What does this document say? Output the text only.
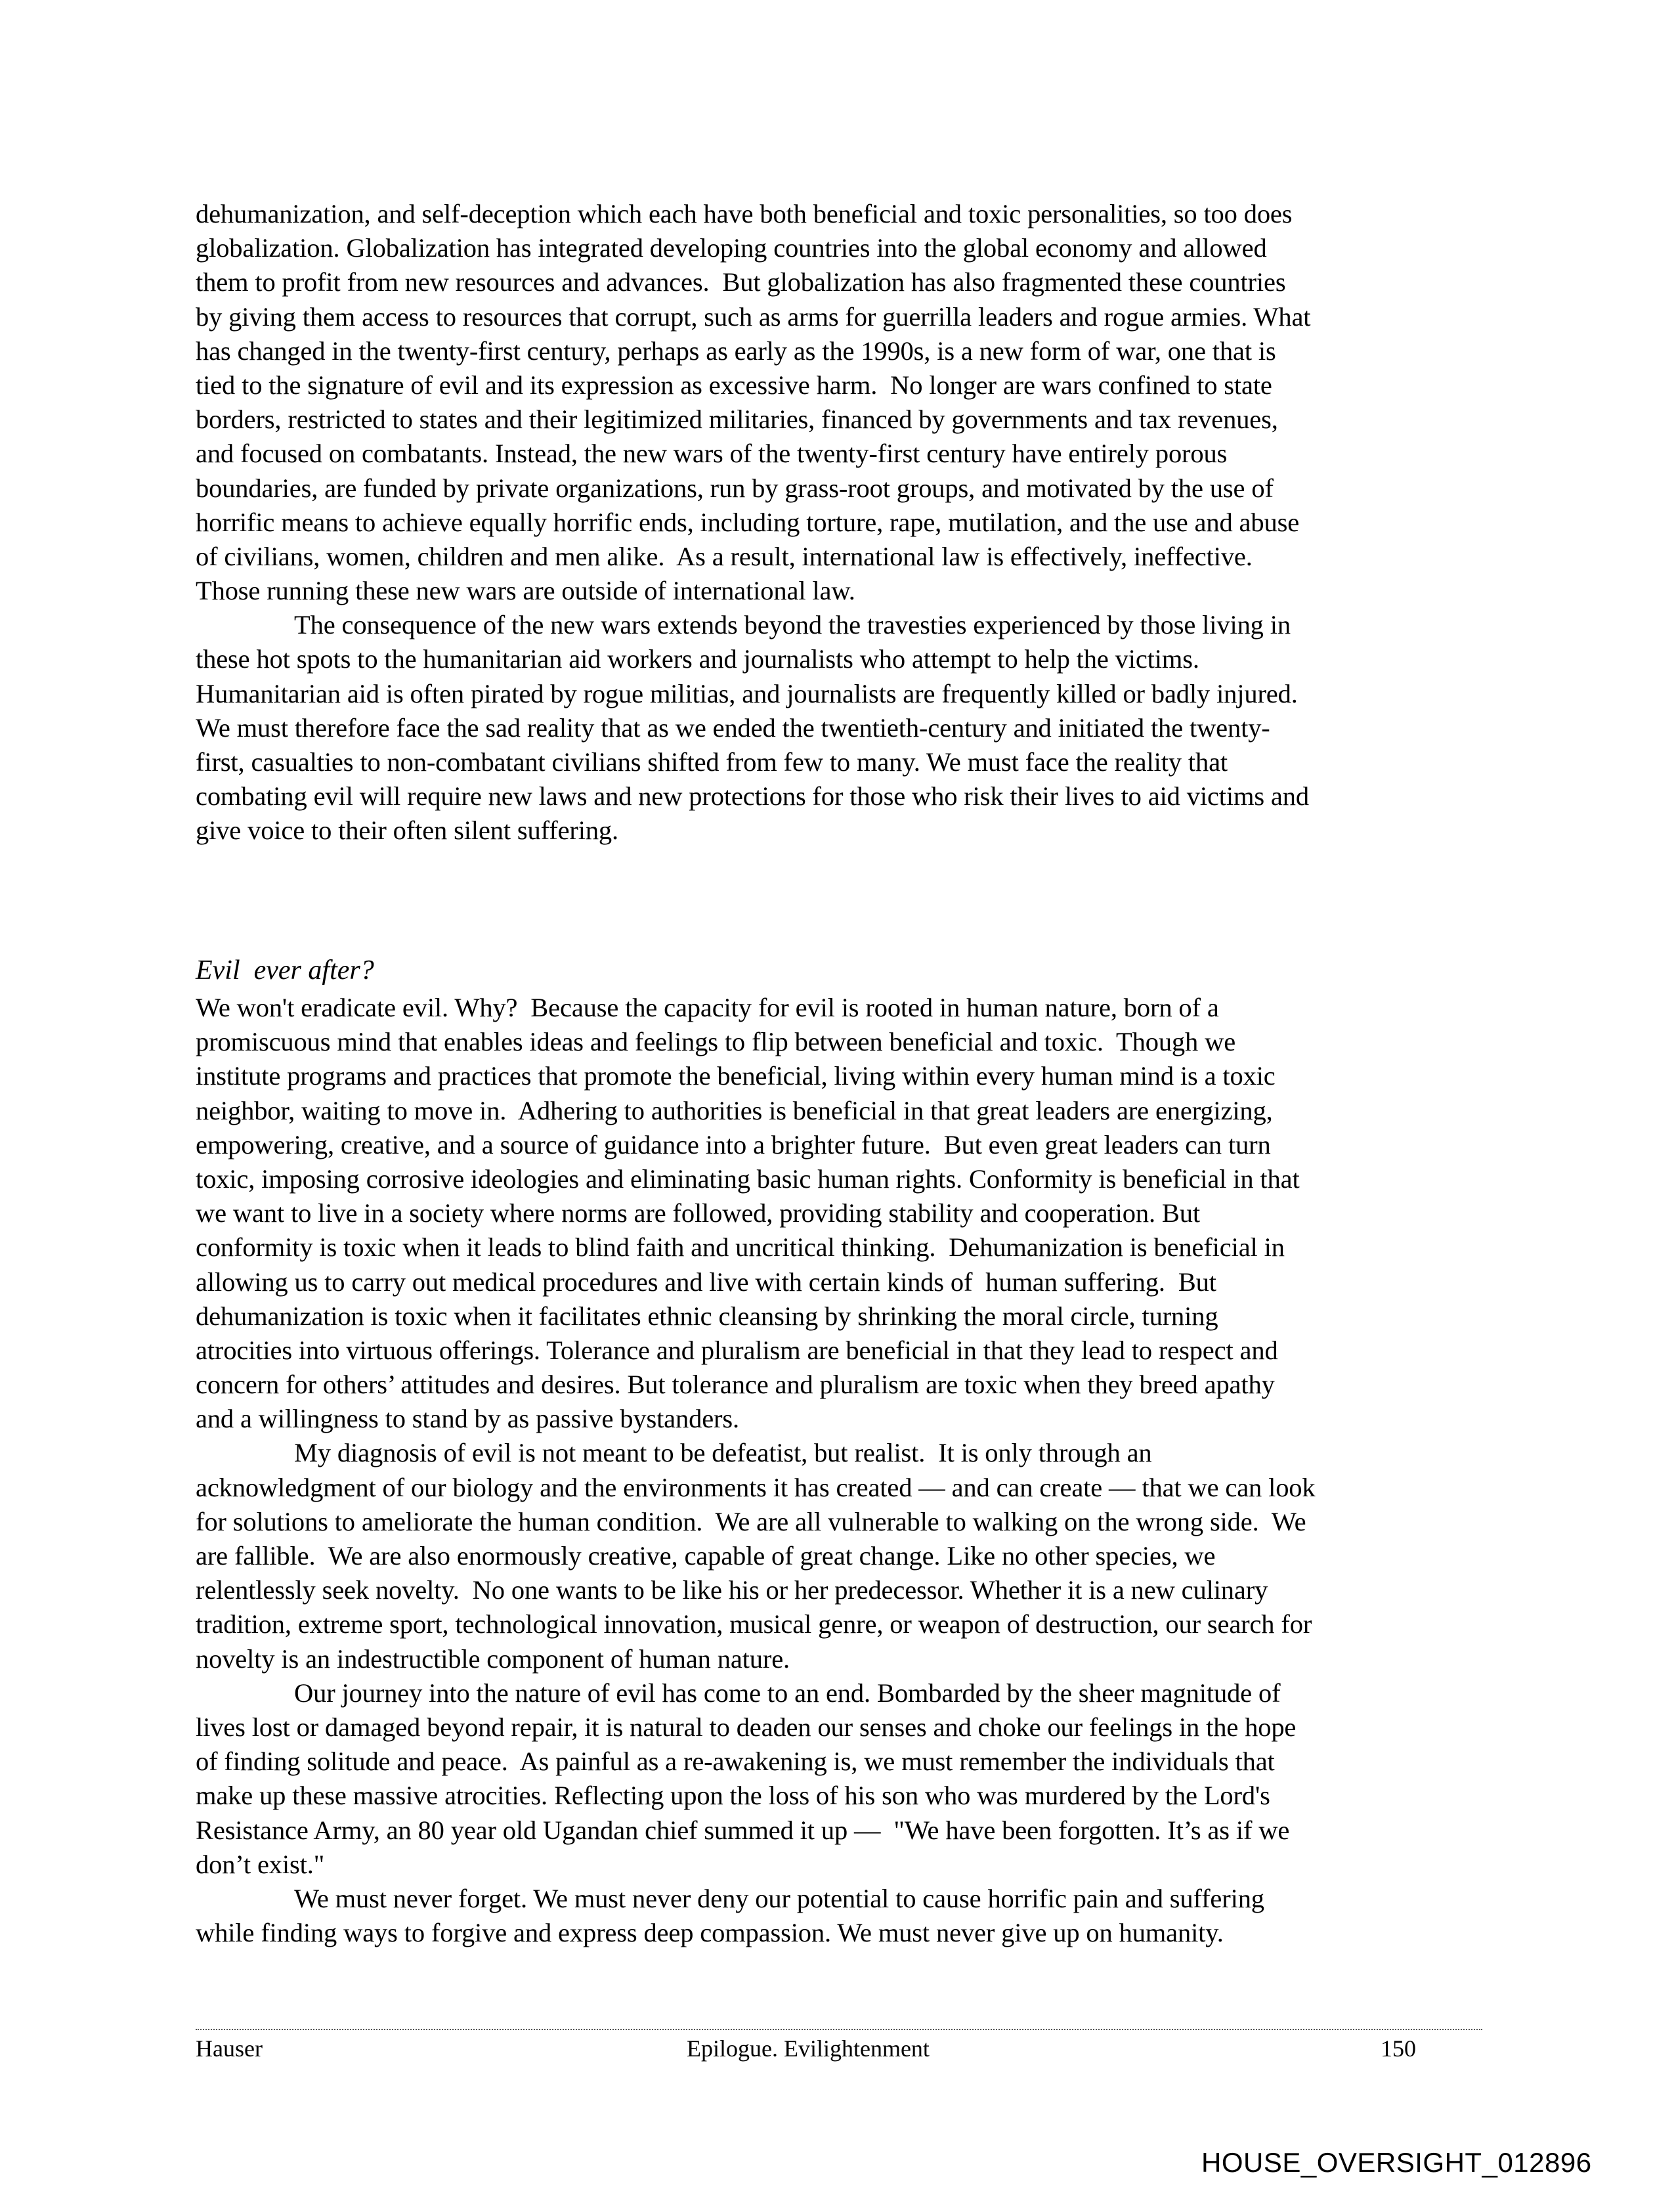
dehumanization, and self-deception which each have both beneficial and toxic personalities, so too does
globalization. Globalization has integrated developing countries into the global economy and allowed
them to profit from new resources and advances.  But globalization has also fragmented these countries
by giving them access to resources that corrupt, such as arms for guerrilla leaders and rogue armies. What
has changed in the twenty-first century, perhaps as early as the 1990s, is a new form of war, one that is
tied to the signature of evil and its expression as excessive harm.  No longer are wars confined to state
borders, restricted to states and their legitimized militaries, financed by governments and tax revenues,
and focused on combatants. Instead, the new wars of the twenty-first century have entirely porous
boundaries, are funded by private organizations, run by grass-root groups, and motivated by the use of
horrific means to achieve equally horrific ends, including torture, rape, mutilation, and the use and abuse
of civilians, women, children and men alike.  As a result, international law is effectively, ineffective.
Those running these new wars are outside of international law.
The consequence of the new wars extends beyond the travesties experienced by those living in
these hot spots to the humanitarian aid workers and journalists who attempt to help the victims.
Humanitarian aid is often pirated by rogue militias, and journalists are frequently killed or badly injured.
We must therefore face the sad reality that as we ended the twentieth-century and initiated the twenty-
first, casualties to non-combatant civilians shifted from few to many. We must face the reality that
combating evil will require new laws and new protections for those who risk their lives to aid victims and
give voice to their often silent suffering.
Evil  ever after?
We won't eradicate evil. Why?  Because the capacity for evil is rooted in human nature, born of a
promiscuous mind that enables ideas and feelings to flip between beneficial and toxic.  Though we
institute programs and practices that promote the beneficial, living within every human mind is a toxic
neighbor, waiting to move in.  Adhering to authorities is beneficial in that great leaders are energizing,
empowering, creative, and a source of guidance into a brighter future.  But even great leaders can turn
toxic, imposing corrosive ideologies and eliminating basic human rights. Conformity is beneficial in that
we want to live in a society where norms are followed, providing stability and cooperation. But
conformity is toxic when it leads to blind faith and uncritical thinking.  Dehumanization is beneficial in
allowing us to carry out medical procedures and live with certain kinds of  human suffering.  But
dehumanization is toxic when it facilitates ethnic cleansing by shrinking the moral circle, turning
atrocities into virtuous offerings. Tolerance and pluralism are beneficial in that they lead to respect and
concern for others’ attitudes and desires. But tolerance and pluralism are toxic when they breed apathy
and a willingness to stand by as passive bystanders.
My diagnosis of evil is not meant to be defeatist, but realist.  It is only through an
acknowledgment of our biology and the environments it has created — and can create — that we can look
for solutions to ameliorate the human condition.  We are all vulnerable to walking on the wrong side.  We
are fallible.  We are also enormously creative, capable of great change. Like no other species, we
relentlessly seek novelty.  No one wants to be like his or her predecessor. Whether it is a new culinary
tradition, extreme sport, technological innovation, musical genre, or weapon of destruction, our search for
novelty is an indestructible component of human nature.
Our journey into the nature of evil has come to an end. Bombarded by the sheer magnitude of
lives lost or damaged beyond repair, it is natural to deaden our senses and choke our feelings in the hope
of finding solitude and peace.  As painful as a re-awakening is, we must remember the individuals that
make up these massive atrocities. Reflecting upon the loss of his son who was murdered by the Lord's
Resistance Army, an 80 year old Ugandan chief summed it up —  "We have been forgotten. It’s as if we
don’t exist."
We must never forget. We must never deny our potential to cause horrific pain and suffering
while finding ways to forgive and express deep compassion. We must never give up on humanity.
Hauser	Epilogue. Evilightenment	150
HOUSE_OVERSIGHT_012896
